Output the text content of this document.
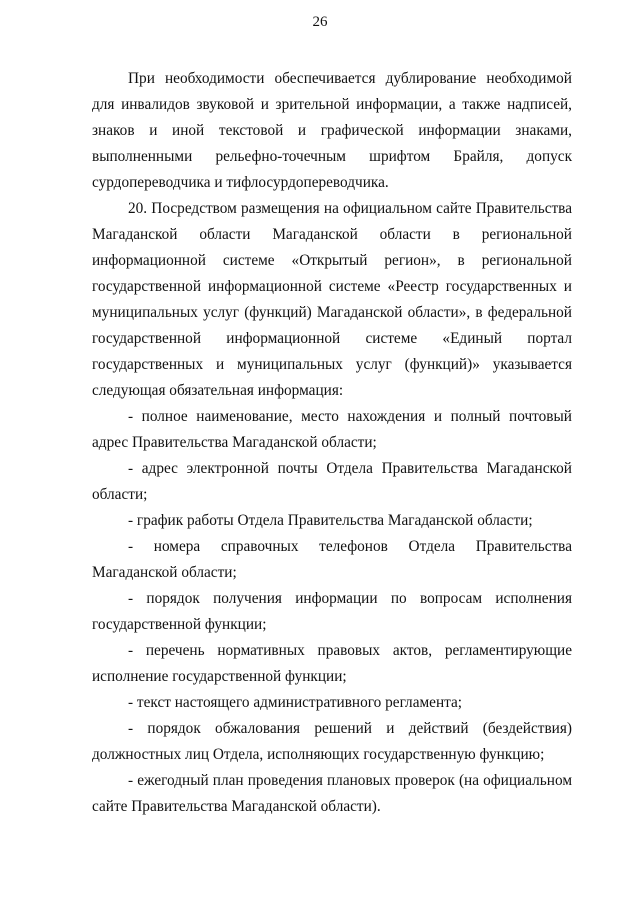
26

При необходимости обеспечивается дублирование необходимой для инвалидов звуковой и зрительной информации, а также надписей, знаков и иной текстовой и графической информации знаками, выполненными рельефно-точечным шрифтом Брайля, допуск сурдопереводчика и тифлосурдопереводчика.

20. Посредством размещения на официальном сайте Правительства Магаданской области Магаданской области в региональной информационной системе «Открытый регион», в региональной государственной информационной системе «Реестр государственных и муниципальных услуг (функций) Магаданской области», в федеральной государственной информационной системе «Единый портал государственных и муниципальных услуг (функций)» указывается следующая обязательная информация:

- полное наименование, место нахождения и полный почтовый адрес Правительства Магаданской области;

- адрес электронной почты Отдела Правительства Магаданской области;

- график работы Отдела Правительства Магаданской области;

- номера справочных телефонов Отдела Правительства Магаданской области;

- порядок получения информации по вопросам исполнения государственной функции;

- перечень нормативных правовых актов, регламентирующие исполнение государственной функции;

- текст настоящего административного регламента;

- порядок обжалования решений и действий (бездействия) должностных лиц Отдела, исполняющих государственную функцию;

- ежегодный план проведения плановых проверок (на официальном сайте Правительства Магаданской области).
